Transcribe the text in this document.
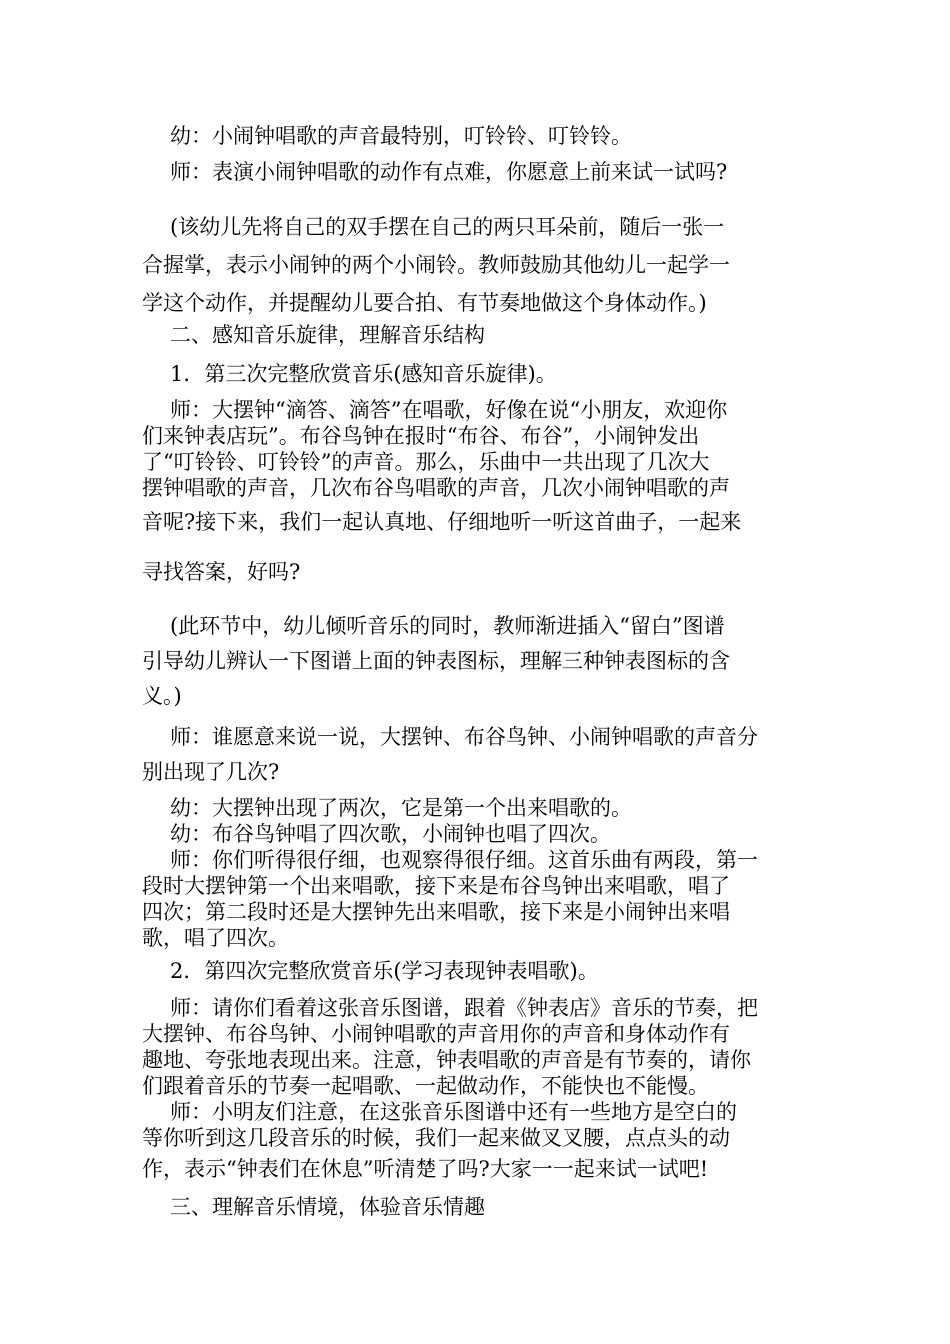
幼：小闹钟唱歌的声音最特别，叮铃铃、叮铃铃。

师：表演小闹钟唱歌的动作有点难，你愿意上前来试一试吗?

(该幼儿先将自己的双手摆在自己的两只耳朵前，随后一张一
合握掌，表示小闹钟的两个小闹铃。教师鼓励其他幼儿一起学一
学这个动作，并提醒幼儿要合拍、有节奏地做这个身体动作。)

二、感知音乐旋律，理解音乐结构

1．第三次完整欣赏音乐(感知音乐旋律)。

师：大摆钟“滴答、滴答”在唱歌，好像在说“小朋友，欢迎你
们来钟表店玩”。布谷鸟钟在报时“布谷、布谷”，小闹钟发出
了“叮铃铃、叮铃铃”的声音。那么，乐曲中一共出现了几次大
摆钟唱歌的声音，几次布谷鸟唱歌的声音，几次小闹钟唱歌的声

音呢?接下来，我们一起认真地、仔细地听一听这首曲子，一起来

寻找答案，好吗?

(此环节中，幼儿倾听音乐的同时，教师渐进插入“留白”图谱
引导幼儿辨认一下图谱上面的钟表图标，理解三种钟表图标的含
义。)

师：谁愿意来说一说，大摆钟、布谷鸟钟、小闹钟唱歌的声音分
别出现了几次?

幼：大摆钟出现了两次，它是第一个出来唱歌的。
幼：布谷鸟钟唱了四次歌，小闹钟也唱了四次。
师：你们听得很仔细，也观察得很仔细。这首乐曲有两段，第一
段时大摆钟第一个出来唱歌，接下来是布谷鸟钟出来唱歌，唱了
四次；第二段时还是大摆钟先出来唱歌，接下来是小闹钟出来唱
歌，唱了四次。

2．第四次完整欣赏音乐(学习表现钟表唱歌)。

师：请你们看着这张音乐图谱，跟着《钟表店》音乐的节奏，把
大摆钟、布谷鸟钟、小闹钟唱歌的声音用你的声音和身体动作有
趣地、夸张地表现出来。注意，钟表唱歌的声音是有节奏的，请你
们跟着音乐的节奏一起唱歌、一起做动作，不能快也不能慢。
师：小明友们注意，在这张音乐图谱中还有一些地方是空白的
等你听到这几段音乐的时候，我们一起来做叉叉腰，点点头的动

作，表示“钟表们在休息”听清楚了吗?大家一一起来试一试吧!

三、理解音乐情境，体验音乐情趣
